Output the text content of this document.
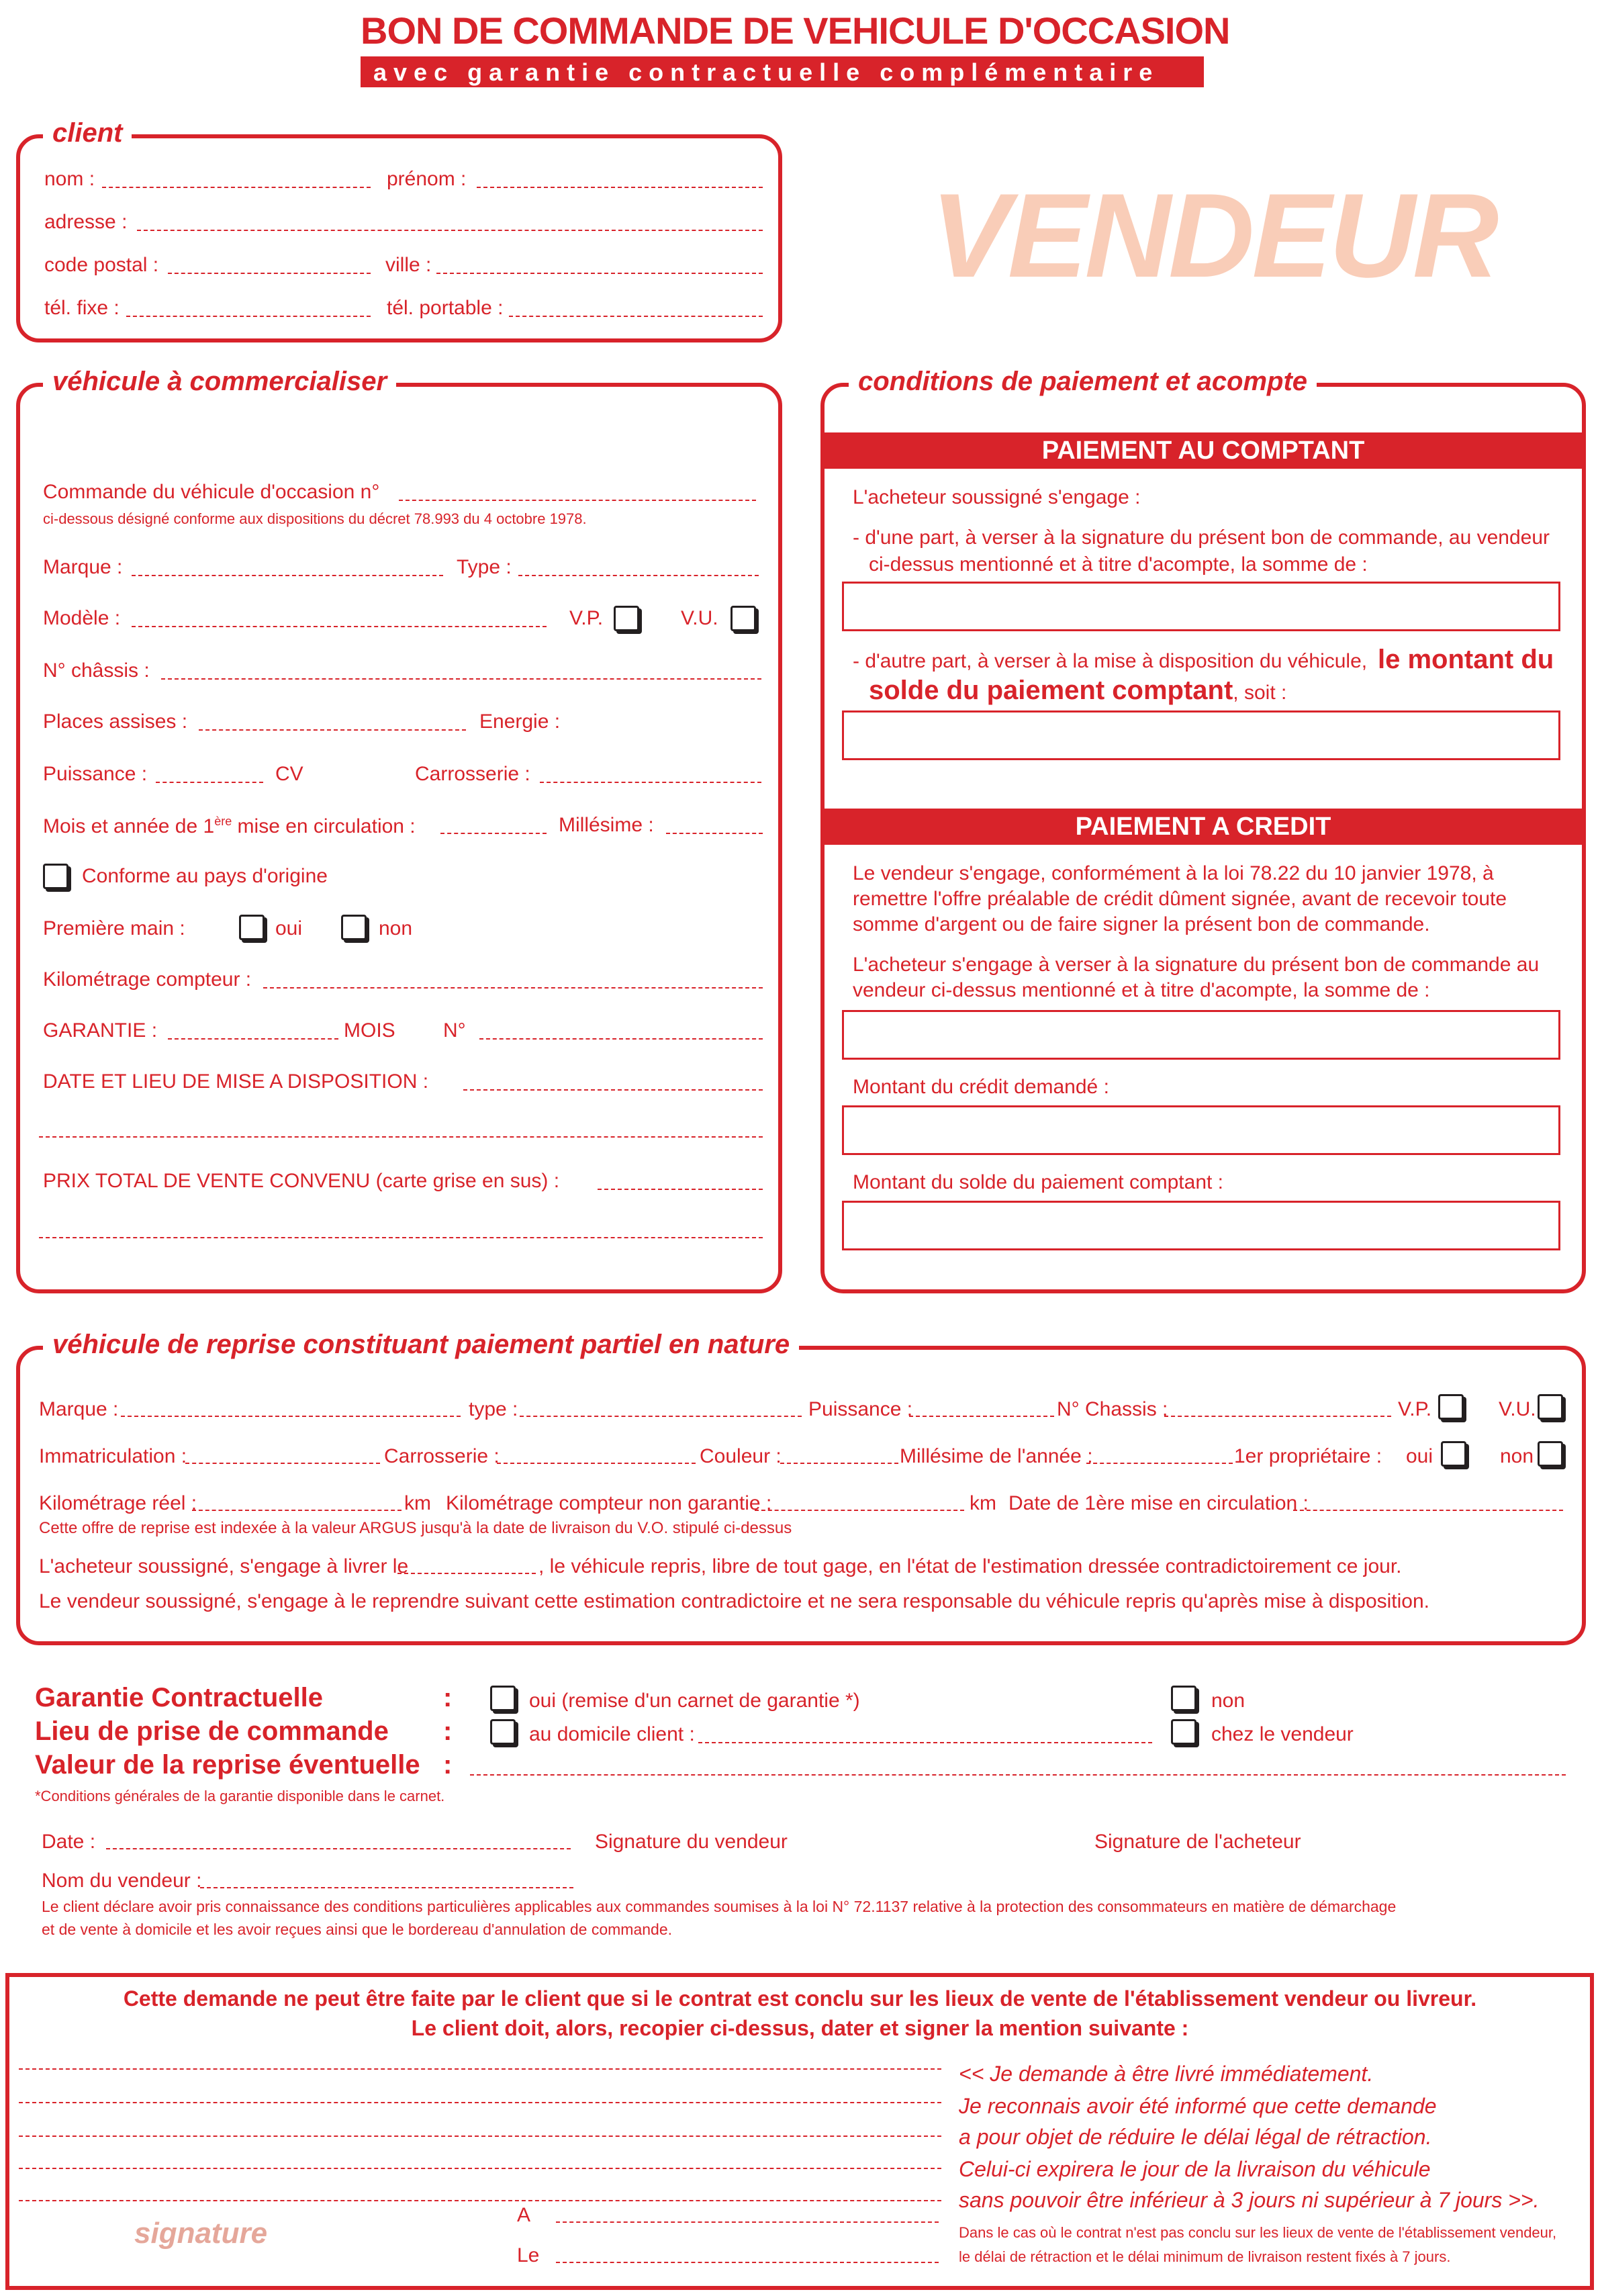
BON DE COMMANDE DE VEHICULE D'OCCASION
avec garantie contractuelle complémentaire
VENDEUR
client
nom :	prénom :
adresse :
code postal :	ville :
tél. fixe :	tél. portable :
véhicule à commercialiser
Commande du véhicule d'occasion n°
ci-dessous désigné conforme aux dispositions du décret 78.993 du 4 octobre 1978.
Marque :	Type :
Modèle :	V.P.	V.U.
N° châssis :
Places assises :	Energie :
Puissance :	CV	Carrosserie :
Mois et année de 1ère mise en circulation :	Millésime :
Conforme au pays d'origine
Première main :	oui	non
Kilométrage compteur :
GARANTIE :	MOIS N°
DATE ET LIEU DE MISE A DISPOSITION :
PRIX TOTAL DE VENTE CONVENU (carte grise en sus) :
conditions de paiement et acompte
PAIEMENT AU COMPTANT
L'acheteur soussigné s'engage :
- d'une part, à verser à la signature du présent bon de commande, au vendeur
ci-dessus mentionné et à titre d'acompte, la somme de :
- d'autre part, à verser à la mise à disposition du véhicule, le montant du
solde du paiement comptant, soit :
PAIEMENT A CREDIT
Le vendeur s'engage, conformément à la loi 78.22 du 10 janvier 1978, à
remettre l'offre préalable de crédit dûment signée, avant de recevoir toute
somme d'argent ou de faire signer la présent bon de commande.
L'acheteur s'engage à verser à la signature du présent bon de commande au
vendeur ci-dessus mentionné et à titre d'acompte, la somme de :
Montant du crédit demandé :
Montant du solde du paiement comptant :
véhicule de reprise constituant paiement partiel en nature
Marque :	type :	Puissance :	N° Chassis :	V.P.	V.U.
Immatriculation :	Carrosserie :	Couleur :	Millésime de l'année :	1er propriétaire : oui	non
Kilométrage réel :	km Kilométrage compteur non garantie :	km Date de 1ère mise en circulation :
Cette offre de reprise est indexée à la valeur ARGUS jusqu'à la date de livraison du V.O. stipulé ci-dessus
L'acheteur soussigné, s'engage à livrer le	, le véhicule repris, libre de tout gage, en l'état de l'estimation dressée contradictoirement ce jour.
Le vendeur soussigné, s'engage à le reprendre suivant cette estimation contradictoire et ne sera responsable du véhicule repris qu'après mise à disposition.
Garantie Contractuelle
Lieu de prise de commande
Valeur de la reprise éventuelle
:
:
:
oui (remise d'un carnet de garantie *)	non
au domicile client :	chez le vendeur
*Conditions générales de la garantie disponible dans le carnet.
Date :	Signature du vendeur	Signature de l'acheteur
Nom du vendeur :
Le client déclare avoir pris connaissance des conditions particulières applicables aux commandes soumises à la loi N° 72.1137 relative à la protection des consommateurs en matière de démarchage
et de vente à domicile et les avoir reçues ainsi que le bordereau d'annulation de commande.
Cette demande ne peut être faite par le client que si le contrat est conclu sur les lieux de vente de l'établissement vendeur ou livreur.
Le client doit, alors, recopier ci-dessus, dater et signer la mention suivante :
signature
A
Le
<< Je demande à être livré immédiatement.
Je reconnais avoir été informé que cette demande
a pour objet de réduire le délai légal de rétraction.
Celui-ci expirera le jour de la livraison du véhicule
sans pouvoir être inférieur à 3 jours ni supérieur à 7 jours >>.
Dans le cas où le contrat n'est pas conclu sur les lieux de vente de l'établissement vendeur,
le délai de rétraction et le délai minimum de livraison restent fixés à 7 jours.
